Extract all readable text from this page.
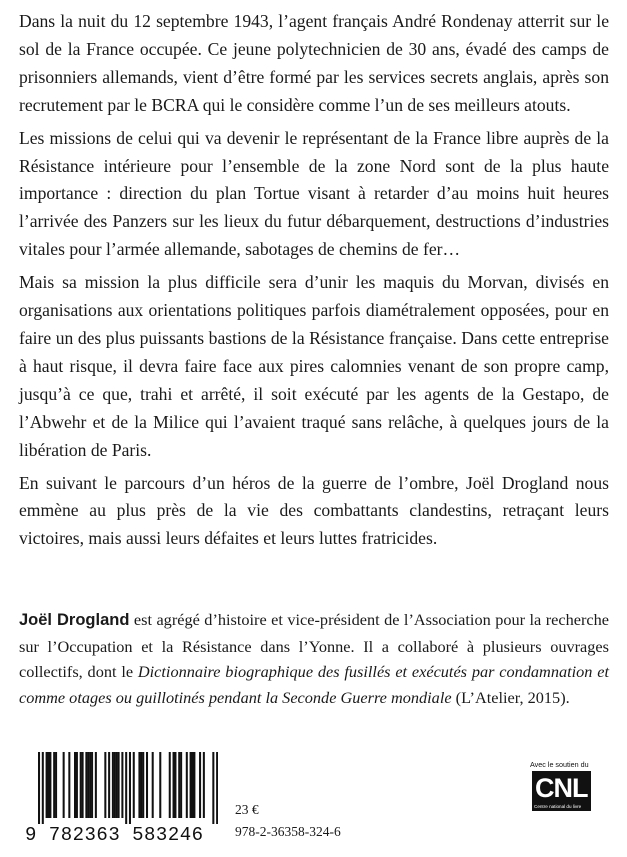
Dans la nuit du 12 septembre 1943, l’agent français André Rondenay atterrit sur le sol de la France occupée. Ce jeune polytechnicien de 30 ans, évadé des camps de prisonniers allemands, vient d’être formé par les services secrets anglais, après son recrutement par le BCRA qui le considère comme l’un de ses meilleurs atouts.

Les missions de celui qui va devenir le représentant de la France libre auprès de la Résistance intérieure pour l’ensemble de la zone Nord sont de la plus haute importance : direction du plan Tortue visant à retarder d’au moins huit heures l’arrivée des Panzers sur les lieux du futur débarquement, destructions d’industries vitales pour l’armée allemande, sabotages de chemins de fer…

Mais sa mission la plus difficile sera d’unir les maquis du Morvan, divisés en organisations aux orientations politiques parfois diamétralement opposées, pour en faire un des plus puissants bastions de la Résistance française. Dans cette entreprise à haut risque, il devra faire face aux pires calomnies venant de son propre camp, jusqu’à ce que, trahi et arrêté, il soit exécuté par les agents de la Gestapo, de l’Abwehr et de la Milice qui l’avaient traqué sans relâche, à quelques jours de la libération de Paris.

En suivant le parcours d’un héros de la guerre de l’ombre, Joël Drogland nous emmène au plus près de la vie des combattants clandestins, retraçant leurs victoires, mais aussi leurs défaites et leurs luttes fratricides.

Joël Drogland est agrégé d’histoire et vice-président de l’Association pour la recherche sur l’Occupation et la Résistance dans l’Yonne. Il a collaboré à plusieurs ouvrages collectifs, dont le Dictionnaire biographique des fusillés et exécutés par condamnation et comme otages ou guillotinés pendant la Seconde Guerre mondiale (L’Atelier, 2015).

9 782363 583246
23 €
978-2-36358-324-6
Avec le soutien du
CNL
Centre national du livre
